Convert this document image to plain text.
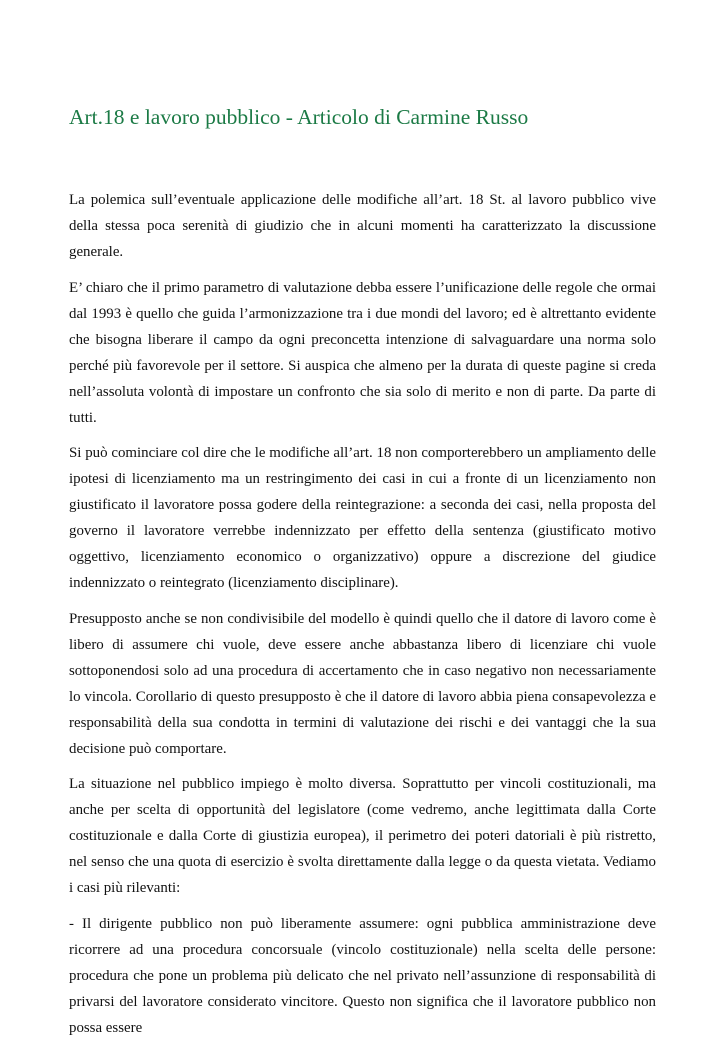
Art.18 e lavoro pubblico - Articolo di Carmine Russo

La polemica sull’eventuale applicazione delle modifiche all’art. 18 St. al lavoro pubblico vive della stessa poca serenità di giudizio che in alcuni momenti ha caratterizzato la discussione generale.

E’ chiaro che il primo parametro di valutazione debba essere l’unificazione delle regole che ormai dal 1993 è quello che guida l’armonizzazione tra i due mondi del lavoro; ed è altrettanto evidente che bisogna liberare il campo da ogni preconcetta intenzione di salvaguardare una norma solo perché più favorevole per il settore. Si auspica che almeno per la durata di queste pagine si creda nell’assoluta volontà di impostare un confronto che sia solo di merito e non di parte. Da parte di tutti.

Si può cominciare col dire che le modifiche all’art. 18 non comporterebbero un ampliamento delle ipotesi di licenziamento ma un restringimento dei casi in cui a fronte di un licenziamento non giustificato il lavoratore possa godere della reintegrazione: a seconda dei casi, nella proposta del governo il lavoratore verrebbe indennizzato per effetto della sentenza (giustificato motivo oggettivo, licenziamento economico o organizzativo) oppure a discrezione del giudice indennizzato o reintegrato (licenziamento disciplinare).

Presupposto anche se non condivisibile del modello è quindi quello che il datore di lavoro come è libero di assumere chi vuole, deve essere anche abbastanza libero di licenziare chi vuole sottoponendosi solo ad una procedura di accertamento che in caso negativo non necessariamente lo vincola. Corollario di questo presupposto è che il datore di lavoro abbia piena consapevolezza e responsabilità della sua condotta in termini di valutazione dei rischi e dei vantaggi che la sua decisione può comportare.

La situazione nel pubblico impiego è molto diversa. Soprattutto per vincoli costituzionali, ma anche per scelta di opportunità del legislatore (come vedremo, anche legittimata dalla Corte costituzionale e dalla Corte di giustizia europea), il perimetro dei poteri datoriali è più ristretto, nel senso che una quota di esercizio è svolta direttamente dalla legge o da questa vietata. Vediamo i casi più rilevanti:

- Il dirigente pubblico non può liberamente assumere: ogni pubblica amministrazione deve ricorrere ad una procedura concorsuale (vincolo costituzionale) nella scelta delle persone: procedura che pone un problema più delicato che nel privato nell’assunzione di responsabilità di privarsi del lavoratore considerato vincitore. Questo non significa che il lavoratore pubblico non possa essere
